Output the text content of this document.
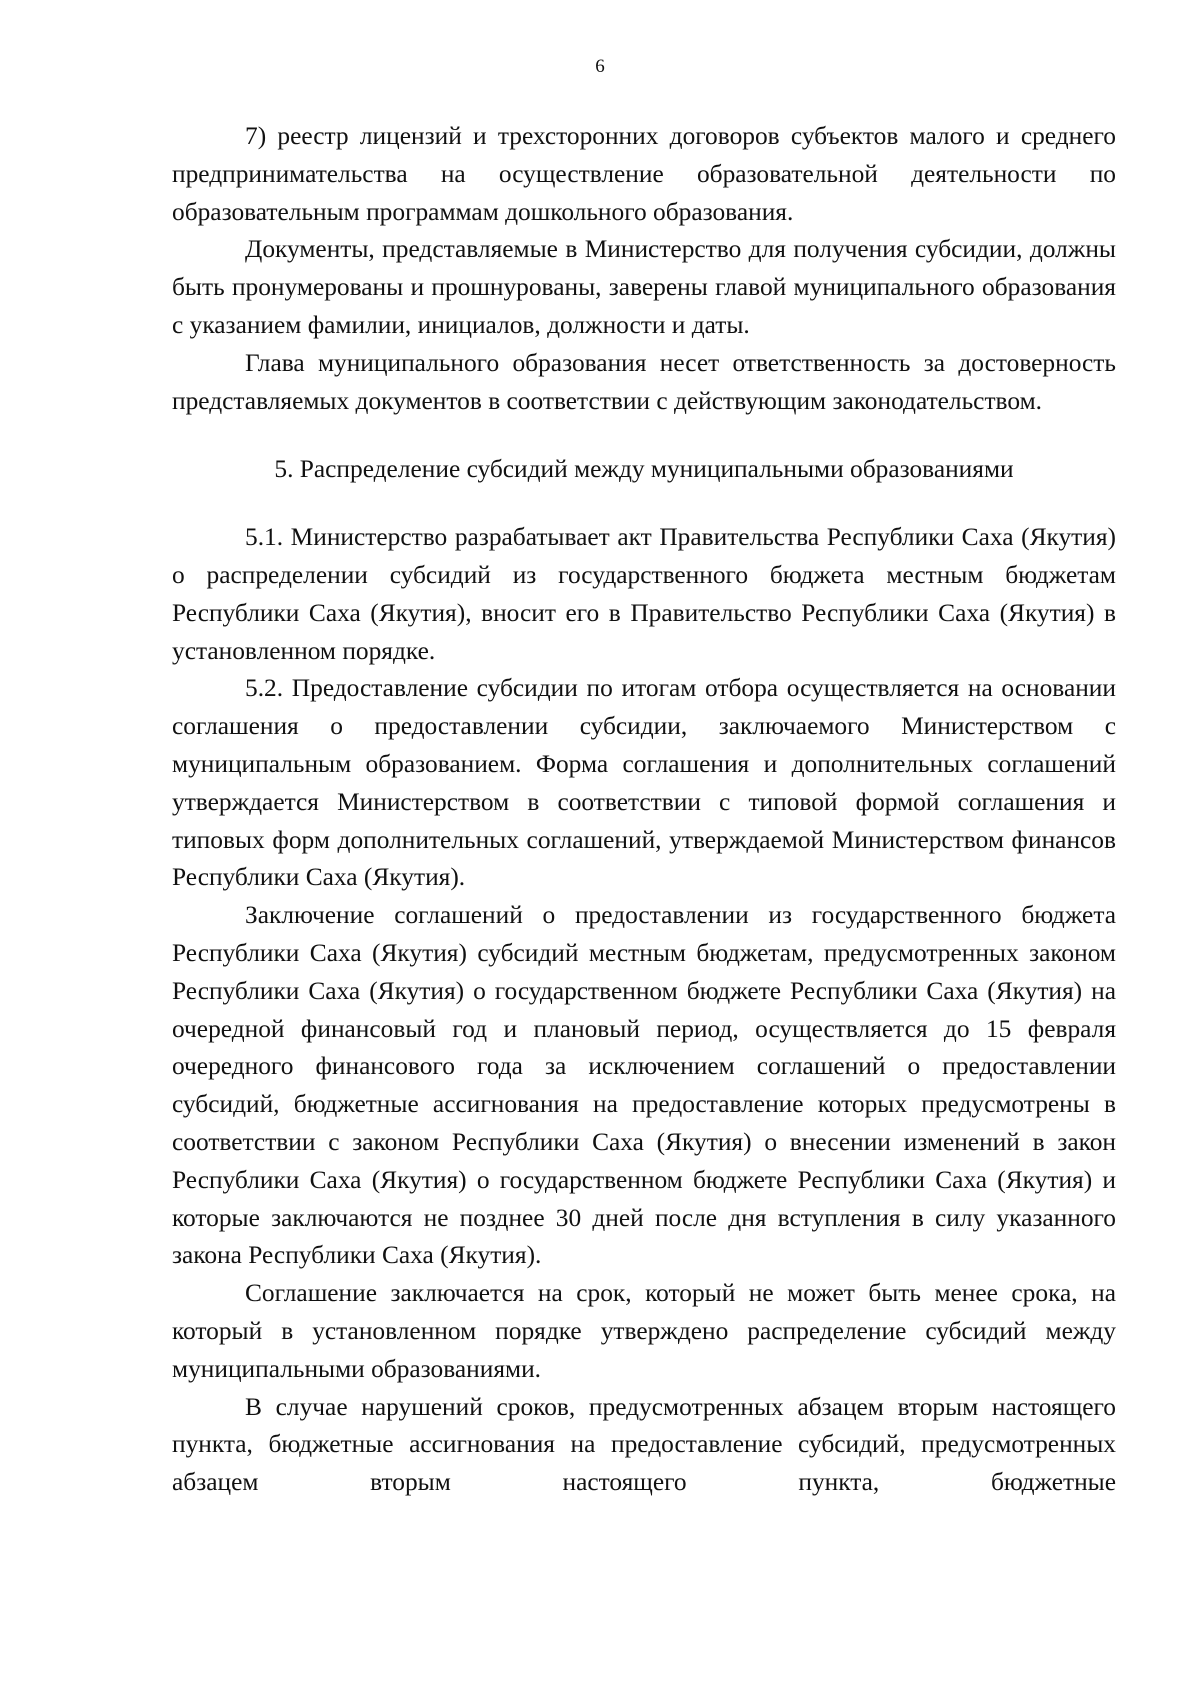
6

7) реестр лицензий и трехсторонних договоров субъектов малого и среднего предпринимательства на осуществление образовательной деятельности по образовательным программам дошкольного образования.

Документы, представляемые в Министерство для получения субсидии, должны быть пронумерованы и прошнурованы, заверены главой муниципального образования с указанием фамилии, инициалов, должности и даты.

Глава муниципального образования несет ответственность за достоверность представляемых документов в соответствии с действующим законодательством.

5. Распределение субсидий между муниципальными образованиями

5.1. Министерство разрабатывает акт Правительства Республики Саха (Якутия) о распределении субсидий из государственного бюджета местным бюджетам Республики Саха (Якутия), вносит его в Правительство Республики Саха (Якутия) в установленном порядке.

5.2. Предоставление субсидии по итогам отбора осуществляется на основании соглашения о предоставлении субсидии, заключаемого Министерством с муниципальным образованием. Форма соглашения и дополнительных соглашений утверждается Министерством в соответствии с типовой формой соглашения и типовых форм дополнительных соглашений, утверждаемой Министерством финансов Республики Саха (Якутия).

Заключение соглашений о предоставлении из государственного бюджета Республики Саха (Якутия) субсидий местным бюджетам, предусмотренных законом Республики Саха (Якутия) о государственном бюджете Республики Саха (Якутия) на очередной финансовый год и плановый период, осуществляется до 15 февраля очередного финансового года за исключением соглашений о предоставлении субсидий, бюджетные ассигнования на предоставление которых предусмотрены в соответствии с законом Республики Саха (Якутия) о внесении изменений в закон Республики Саха (Якутия) о государственном бюджете Республики Саха (Якутия) и которые заключаются не позднее 30 дней после дня вступления в силу указанного закона Республики Саха (Якутия).

Соглашение заключается на срок, который не может быть менее срока, на который в установленном порядке утверждено распределение субсидий между муниципальными образованиями.

В случае нарушений сроков, предусмотренных абзацем вторым настоящего пункта, бюджетные ассигнования на предоставление субсидий, предусмотренных абзацем вторым настоящего пункта, бюджетные
